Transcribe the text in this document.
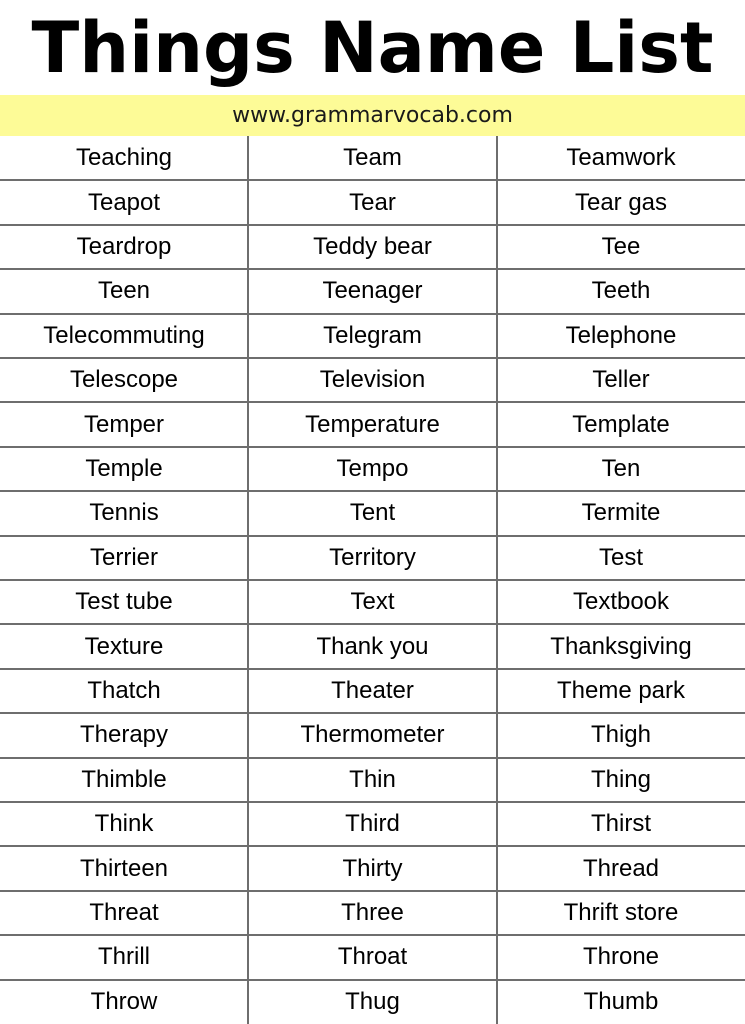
Things Name List
www.grammarvocab.com
Teaching	Team	Teamwork
Teapot	Tear	Tear gas
Teardrop	Teddy bear	Tee
Teen	Teenager	Teeth
Telecommuting	Telegram	Telephone
Telescope	Television	Teller
Temper	Temperature	Template
Temple	Tempo	Ten
Tennis	Tent	Termite
Terrier	Territory	Test
Test tube	Text	Textbook
Texture	Thank you	Thanksgiving
Thatch	Theater	Theme park
Therapy	Thermometer	Thigh
Thimble	Thin	Thing
Think	Third	Thirst
Thirteen	Thirty	Thread
Threat	Three	Thrift store
Thrill	Throat	Throne
Throw	Thug	Thumb
